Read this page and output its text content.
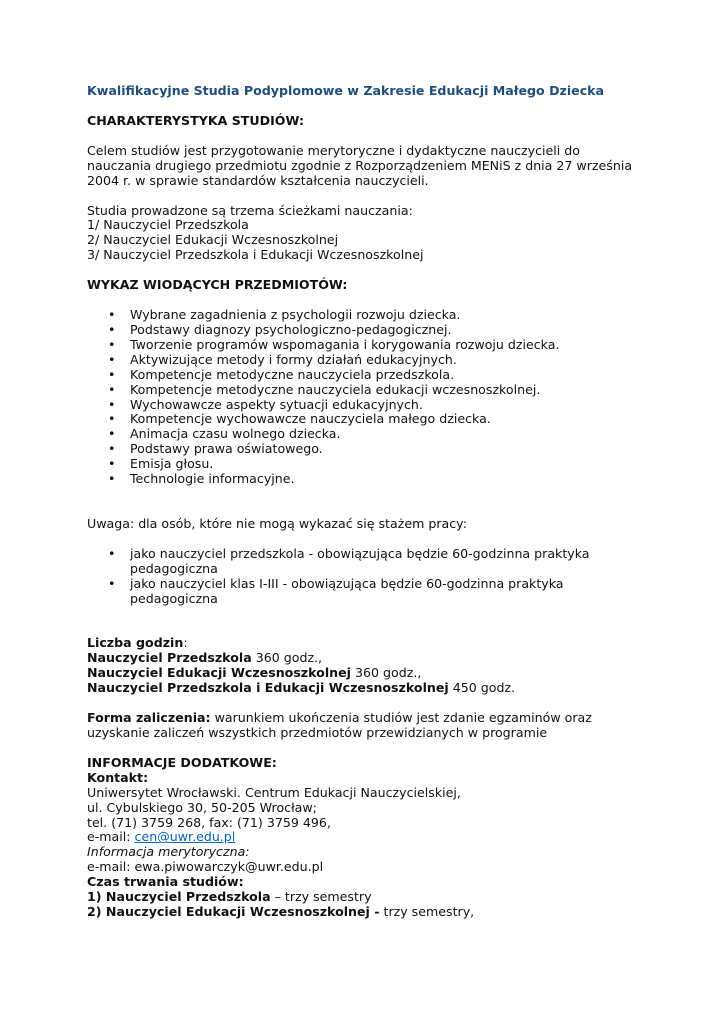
Kwalifikacyjne Studia Podyplomowe w Zakresie Edukacji Małego Dziecka

CHARAKTERYSTYKA STUDIÓW:

Celem studiów jest przygotowanie merytoryczne i dydaktyczne nauczycieli do

nauczania drugiego przedmiotu zgodnie z Rozporządzeniem MENiS z dnia 27 września

2004 r. w sprawie standardów kształcenia nauczycieli.

Studia prowadzone są trzema ścieżkami nauczania:

1/ Nauczyciel Przedszkola

2/ Nauczyciel Edukacji Wczesnoszkolnej

3/ Nauczyciel Przedszkola i Edukacji Wczesnoszkolnej

WYKAZ WIODĄCYCH PRZEDMIOTÓW:

• Wybrane zagadnienia z psychologii rozwoju dziecka.
• Podstawy diagnozy psychologiczno-pedagogicznej.
• Tworzenie programów wspomagania i korygowania rozwoju dziecka.
• Aktywizujące metody i formy działań edukacyjnych.
• Kompetencje metodyczne nauczyciela przedszkola.
• Kompetencje metodyczne nauczyciela edukacji wczesnoszkolnej.
• Wychowawcze aspekty sytuacji edukacyjnych.
• Kompetencje wychowawcze nauczyciela małego dziecka.
• Animacja czasu wolnego dziecka.
• Podstawy prawa oświatowego.
• Emisja głosu.
• Technologie informacyjne.

Uwaga: dla osób, które nie mogą wykazać się stażem pracy:

• jako nauczyciel przedszkola - obowiązująca będzie 60-godzinna praktyka
pedagogiczna
• jako nauczyciel klas I-III - obowiązująca będzie 60-godzinna praktyka
pedagogiczna

Liczba godzin:

Nauczyciel Przedszkola 360 godz.,

Nauczyciel Edukacji Wczesnoszkolnej 360 godz.,

Nauczyciel Przedszkola i Edukacji Wczesnoszkolnej 450 godz.

Forma zaliczenia: warunkiem ukończenia studiów jest zdanie egzaminów oraz

uzyskanie zaliczeń wszystkich przedmiotów przewidzianych w programie

INFORMACJE DODATKOWE:

Kontakt:

Uniwersytet Wrocławski. Centrum Edukacji Nauczycielskiej,

ul. Cybulskiego 30, 50-205 Wrocław;

tel. (71) 3759 268, fax: (71) 3759 496,

e-mail: cen@uwr.edu.pl

Informacja merytoryczna:

e-mail: ewa.piwowarczyk@uwr.edu.pl

Czas trwania studiów:

1) Nauczyciel Przedszkola – trzy semestry

2) Nauczyciel Edukacji Wczesnoszkolnej - trzy semestry,
